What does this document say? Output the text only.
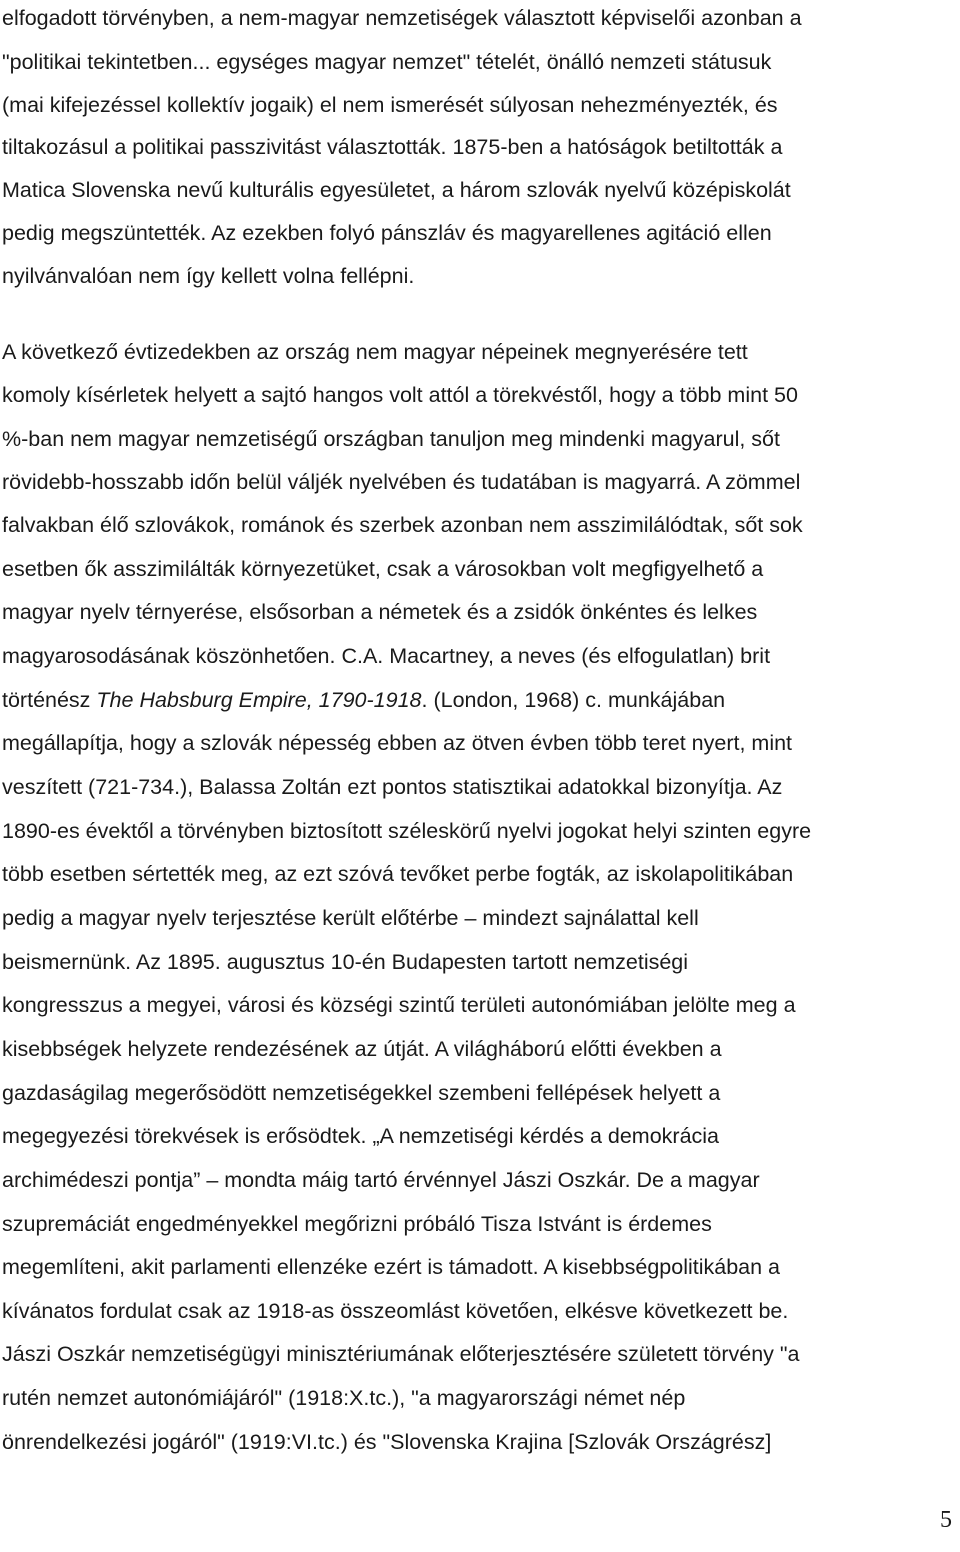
elfogadott törvényben, a nem-magyar nemzetiségek választott képviselői azonban a
"politikai tekintetben... egységes magyar nemzet" tételét, önálló nemzeti státusuk
(mai kifejezéssel kollektív jogaik) el nem ismerését súlyosan nehezményezték, és
tiltakozásul a politikai passzivitást választották. 1875-ben a hatóságok betiltották a
Matica Slovenska nevű kulturális egyesületet, a három szlovák nyelvű középiskolát
pedig megszüntették. Az ezekben folyó pánszláv és magyarellenes agitáció ellen
nyilvánvalóan nem így kellett volna fellépni.
A következő évtizedekben az ország nem magyar népeinek megnyerésére tett
komoly kísérletek helyett a sajtó hangos volt attól a törekvéstől, hogy a több mint 50
%-ban nem magyar nemzetiségű országban tanuljon meg mindenki magyarul, sőt
rövidebb-hosszabb időn belül váljék nyelvében és tudatában is magyarrá. A zömmel
falvakban élő szlovákok, románok és szerbek azonban nem asszimilálódtak, sőt sok
esetben ők asszimilálták környezetüket, csak a városokban volt megfigyelhető a
magyar nyelv térnyerése, elsősorban a németek és a zsidók önkéntes és lelkes
magyarosodásának köszönhetően. C.A. Macartney, a neves (és elfogulatlan) brit
történész The Habsburg Empire, 1790-1918. (London, 1968) c. munkájában
megállapítja, hogy a szlovák népesség ebben az ötven évben több teret nyert, mint
veszített (721-734.), Balassa Zoltán ezt pontos statisztikai adatokkal bizonyítja. Az
1890-es évektől a törvényben biztosított széleskörű nyelvi jogokat helyi szinten egyre
több esetben sértették meg, az ezt szóvá tevőket perbe fogták, az iskolapolitikában
pedig a magyar nyelv terjesztése került előtérbe – mindezt sajnálattal kell
beismernünk. Az 1895. augusztus 10-én Budapesten tartott nemzetiségi
kongresszus a megyei, városi és községi szintű területi autonómiában jelölte meg a
kisebbségek helyzete rendezésének az útját. A világháború előtti években a
gazdaságilag megerősödött nemzetiségekkel szembeni fellépések helyett a
megegyezési törekvések is erősödtek. „A nemzetiségi kérdés a demokrácia
archimédeszi pontja” – mondta máig tartó érvénnyel Jászi Oszkár. De a magyar
szupremáciát engedményekkel megőrizni próbáló Tisza Istvánt is érdemes
megemlíteni, akit parlamenti ellenzéke ezért is támadott. A kisebbségpolitikában a
kívánatos fordulat csak az 1918-as összeomlást követően, elkésve következett be.
Jászi Oszkár nemzetiségügyi minisztériumának előterjesztésére született törvény "a
rutén nemzet autonómiájáról" (1918:X.tc.), "a magyarországi német nép
önrendelkezési jogáról" (1919:VI.tc.) és "Slovenska Krajina [Szlovák Országrész]
5
